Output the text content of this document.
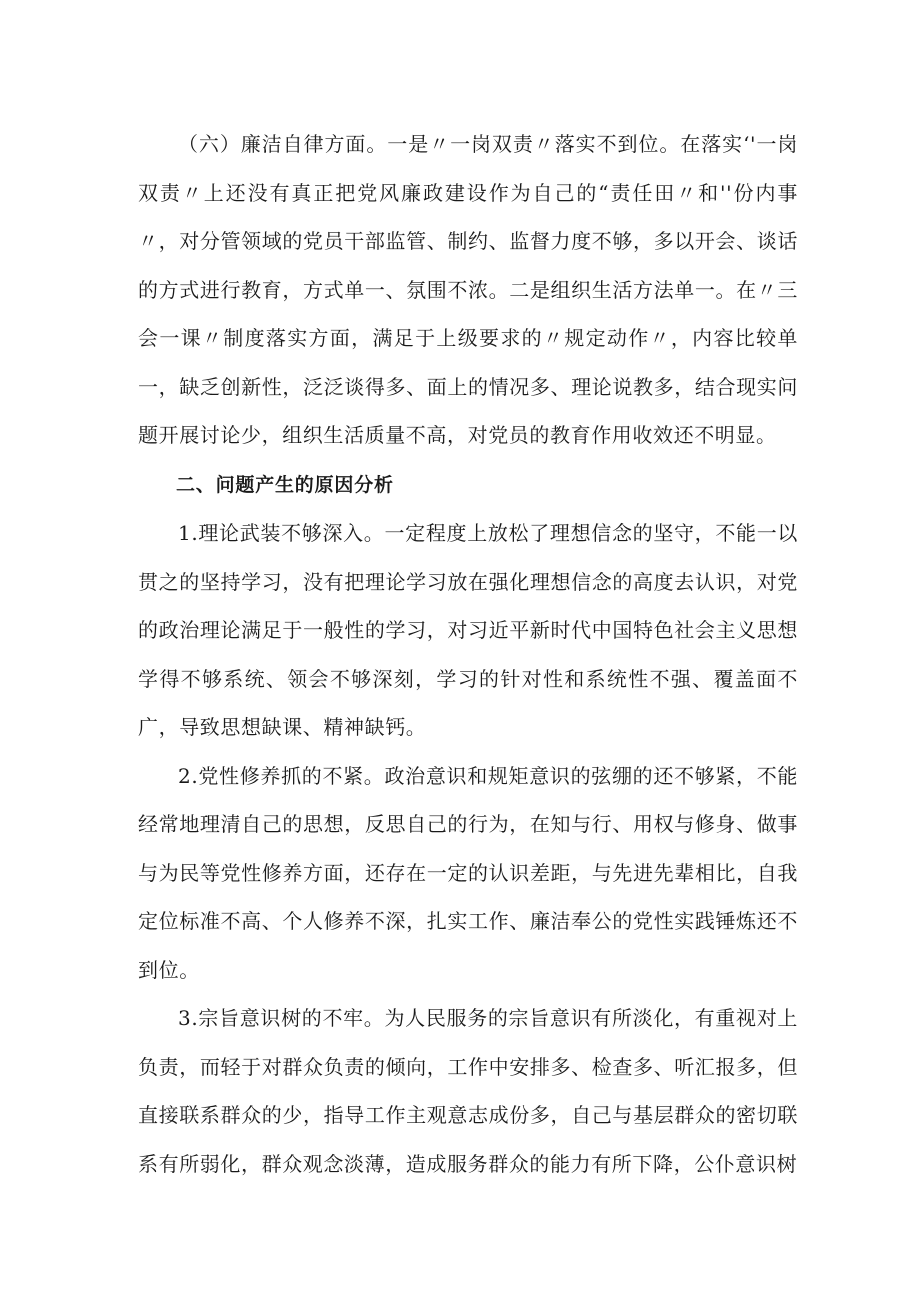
（六）廉洁自律方面。一是〃一岗双责〃落实不到位。在落实‘'一岗双责〃上还没有真正把党风廉政建设作为自己的“责任田〃和''份内事〃，对分管领域的党员干部监管、制约、监督力度不够，多以开会、谈话的方式进行教育，方式单一、氛围不浓。二是组织生活方法单一。在〃三会一课〃制度落实方面，满足于上级要求的〃规定动作〃，内容比较单一，缺乏创新性，泛泛谈得多、面上的情况多、理论说教多，结合现实问题开展讨论少，组织生活质量不高，对党员的教育作用收效还不明显。

二、问题产生的原因分析

1.理论武装不够深入。一定程度上放松了理想信念的坚守，不能一以贯之的坚持学习，没有把理论学习放在强化理想信念的高度去认识，对党的政治理论满足于一般性的学习，对习近平新时代中国特色社会主义思想学得不够系统、领会不够深刻，学习的针对性和系统性不强、覆盖面不广，导致思想缺课、精神缺钙。

2.党性修养抓的不紧。政治意识和规矩意识的弦绷的还不够紧，不能经常地理清自己的思想，反思自己的行为，在知与行、用权与修身、做事与为民等党性修养方面，还存在一定的认识差距，与先进先辈相比，自我定位标准不高、个人修养不深，扎实工作、廉洁奉公的党性实践锤炼还不到位。

3.宗旨意识树的不牢。为人民服务的宗旨意识有所淡化，有重视对上负责，而轻于对群众负责的倾向，工作中安排多、检查多、听汇报多，但直接联系群众的少，指导工作主观意志成份多，自己与基层群众的密切联系有所弱化，群众观念淡薄，造成服务群众的能力有所下降，公仆意识树
